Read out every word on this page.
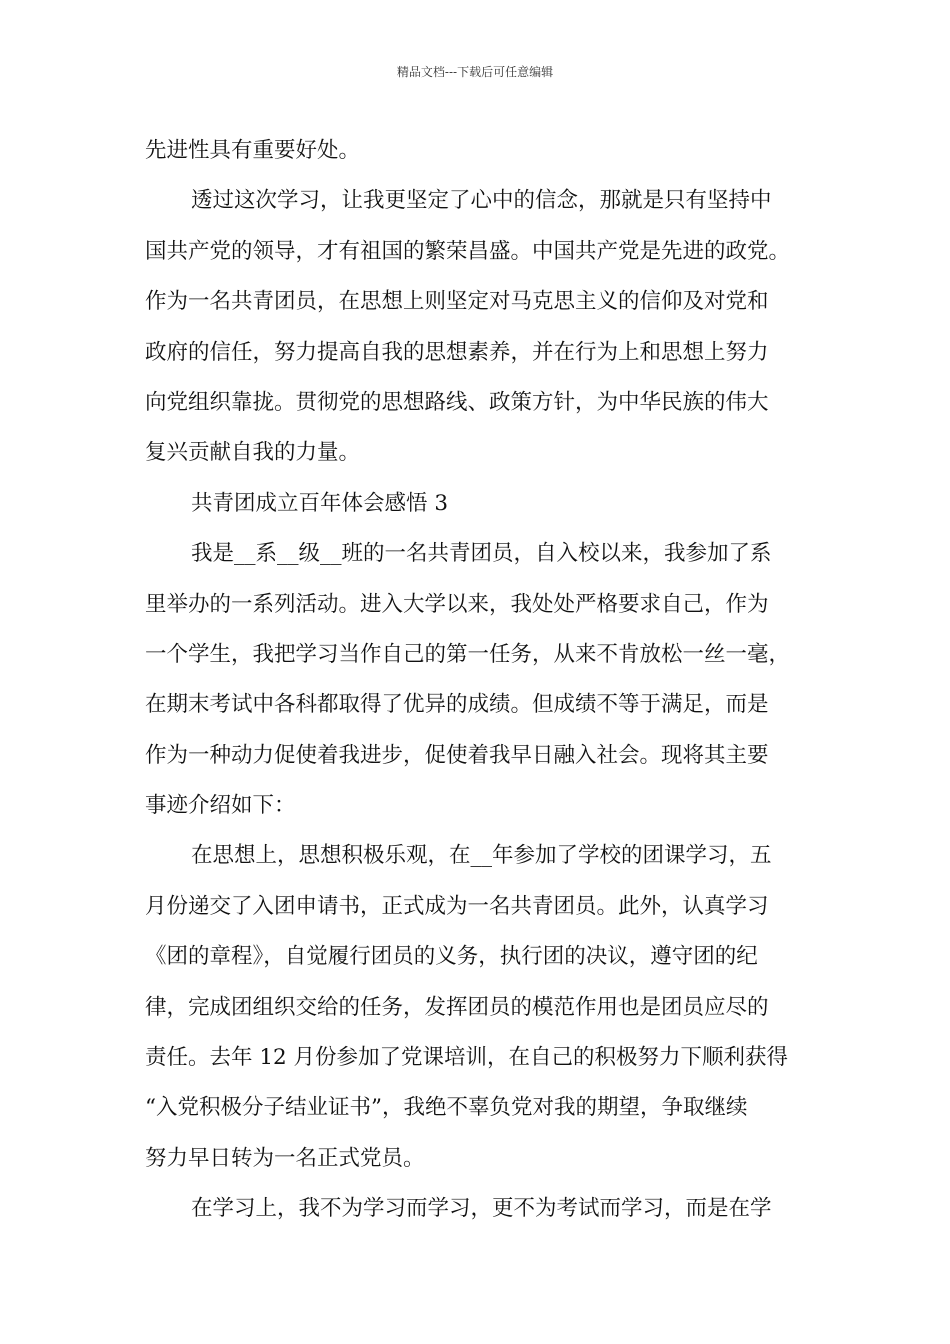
精品文档---下载后可任意编辑
先进性具有重要好处。
透过这次学习，让我更坚定了心中的信念，那就是只有坚持中
国共产党的领导，才有祖国的繁荣昌盛。中国共产党是先进的政党。
作为一名共青团员，在思想上则坚定对马克思主义的信仰及对党和
政府的信任，努力提高自我的思想素养，并在行为上和思想上努力
向党组织靠拢。贯彻党的思想路线、政策方针，为中华民族的伟大
复兴贡献自我的力量。
共青团成立百年体会感悟 3
我是__系__级__班的一名共青团员，自入校以来，我参加了系
里举办的一系列活动。进入大学以来，我处处严格要求自己，作为
一个学生，我把学习当作自己的第一任务，从来不肯放松一丝一毫，
在期末考试中各科都取得了优异的成绩。但成绩不等于满足，而是
作为一种动力促使着我进步，促使着我早日融入社会。现将其主要
事迹介绍如下：
在思想上，思想积极乐观，在__年参加了学校的团课学习，五
月份递交了入团申请书，正式成为一名共青团员。此外，认真学习
《团的章程》，自觉履行团员的义务，执行团的决议，遵守团的纪
律，完成团组织交给的任务，发挥团员的模范作用也是团员应尽的
责任。去年 12 月份参加了党课培训，在自己的积极努力下顺利获得
“入党积极分子结业证书”，我绝不辜负党对我的期望，争取继续
努力早日转为一名正式党员。
在学习上，我不为学习而学习，更不为考试而学习，而是在学
